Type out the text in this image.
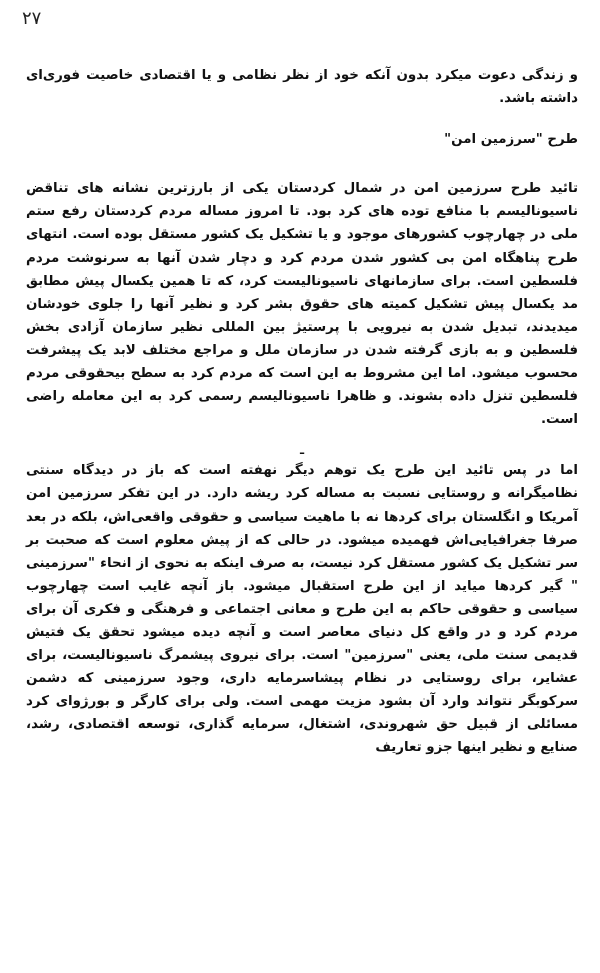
۲۷

و زندگی دعوت میکرد بدون آنکه خود از نظر نظامی و یا اقتصادی خاصیت فوری‌ای داشته باشد.

طرح "سرزمین امن"

تائید طرح سرزمین امن در شمال کردستان یکی از بارزترین نشانه های تناقض ناسیونالیسم با منافع توده های کرد بود. تا امروز مساله مردم کردستان رفع ستم ملی در چهارچوب کشورهای موجود و یا تشکیل یک کشور مستقل بوده است. انتهای طرح پناهگاه امن بی کشور شدن مردم کرد و دچار شدن آنها به سرنوشت مردم فلسطین است. برای سازمانهای ناسیونالیست کرد، که تا همین یکسال پیش مطابق مد یکسال پیش تشکیل کمیته های حقوق بشر کرد و نظیر آنها را جلوی خودشان میدیدند، تبدیل شدن به نیرویی با پرستیژ بین المللی نظیر سازمان آزادی بخش فلسطین و به بازی گرفته شدن در سازمان ملل و مراجع مختلف لابد یک پیشرفت محسوب میشود. اما این مشروط به این است که مردم کرد به سطح بیحقوقی مردم فلسطین تنزل داده بشوند. و ظاهرا ناسیونالیسم رسمی کرد به این معامله راضی است.

ـ

اما در پس تائید این طرح یک توهم دیگر نهفته است که باز در دیدگاه سنتی نظامیگرانه و روستایی نسبت به مساله کرد ریشه دارد. در این تفکر سرزمین امن آمریکا و انگلستان برای کردها نه با ماهیت سیاسی و حقوقی واقعی‌اش، بلکه در بعد صرفا جغرافیایی‌اش فهمیده میشود. در حالی که از پیش معلوم است که صحبت بر سر تشکیل یک کشور مستقل کرد نیست، به صرف اینکه به نحوی از انحاء "سرزمینی " گیر کردها میاید از این طرح استقبال میشود. باز آنچه غایب است چهارچوب سیاسی و حقوقی حاکم به این طرح و معانی اجتماعی و فرهنگی و فکری آن برای مردم کرد و در واقع کل دنیای معاصر است و آنچه دیده میشود تحقق یک فتیش قدیمی سنت ملی، یعنی "سرزمین" است. برای نیروی پیشمرگ ناسیونالیست، برای عشایر، برای روستایی در نظام پیشاسرمایه داری، وجود سرزمینی که دشمن سرکوبگر نتواند وارد آن بشود مزیت مهمی است. ولی برای کارگر و بورژوای کرد مسائلی از قبیل حق شهروندی، اشتغال، سرمایه گذاری، توسعه اقتصادی، رشد، صنایع و نظیر اینها جزو تعاریف
